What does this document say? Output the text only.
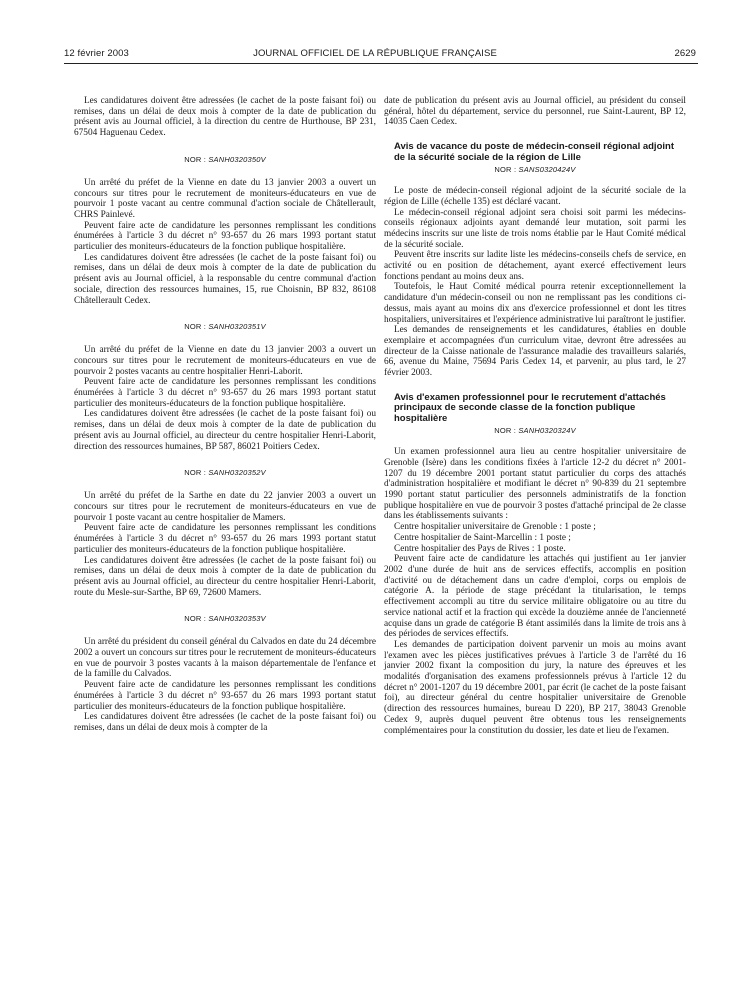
12 février 2003	JOURNAL OFFICIEL DE LA RÉPUBLIQUE FRANÇAISE	2629

Les candidatures doivent être adressées (le cachet de la poste faisant foi) ou remises, dans un délai de deux mois à compter de la date de publication du présent avis au Journal officiel, à la direction du centre de Hurthouse, BP 231, 67504 Haguenau Cedex.

NOR : SANH0320350V

Un arrêté du préfet de la Vienne en date du 13 janvier 2003 a ouvert un concours sur titres pour le recrutement de moniteurs-éducateurs en vue de pourvoir 1 poste vacant au centre communal d'action sociale de Châtellerault, CHRS Painlevé.

Peuvent faire acte de candidature les personnes remplissant les conditions énumérées à l'article 3 du décret n° 93-657 du 26 mars 1993 portant statut particulier des moniteurs-éducateurs de la fonction publique hospitalière.

Les candidatures doivent être adressées (le cachet de la poste faisant foi) ou remises, dans un délai de deux mois à compter de la date de publication du présent avis au Journal officiel, à la responsable du centre communal d'action sociale, direction des ressources humaines, 15, rue Choisnin, BP 832, 86108 Châtellerault Cedex.

NOR : SANH0320351V

Un arrêté du préfet de la Vienne en date du 13 janvier 2003 a ouvert un concours sur titres pour le recrutement de moniteurs-éducateurs en vue de pourvoir 2 postes vacants au centre hospitalier Henri-Laborit.

Peuvent faire acte de candidature les personnes remplissant les conditions énumérées à l'article 3 du décret n° 93-657 du 26 mars 1993 portant statut particulier des moniteurs-éducateurs de la fonction publique hospitalière.

Les candidatures doivent être adressées (le cachet de la poste faisant foi) ou remises, dans un délai de deux mois à compter de la date de publication du présent avis au Journal officiel, au directeur du centre hospitalier Henri-Laborit, direction des ressources humaines, BP 587, 86021 Poitiers Cedex.

NOR : SANH0320352V

Un arrêté du préfet de la Sarthe en date du 22 janvier 2003 a ouvert un concours sur titres pour le recrutement de moniteurs-éducateurs en vue de pourvoir 1 poste vacant au centre hospitalier de Mamers.

Peuvent faire acte de candidature les personnes remplissant les conditions énumérées à l'article 3 du décret n° 93-657 du 26 mars 1993 portant statut particulier des moniteurs-éducateurs de la fonction publique hospitalière.

Les candidatures doivent être adressées (le cachet de la poste faisant foi) ou remises, dans un délai de deux mois à compter de la date de publication du présent avis au Journal officiel, au directeur du centre hospitalier Henri-Laborit, route du Mesle-sur-Sarthe, BP 69, 72600 Mamers.

NOR : SANH0320353V

Un arrêté du président du conseil général du Calvados en date du 24 décembre 2002 a ouvert un concours sur titres pour le recrutement de moniteurs-éducateurs en vue de pourvoir 3 postes vacants à la maison départementale de l'enfance et de la famille du Calvados.

Peuvent faire acte de candidature les personnes remplissant les conditions énumérées à l'article 3 du décret n° 93-657 du 26 mars 1993 portant statut particulier des moniteurs-éducateurs de la fonction publique hospitalière.

Les candidatures doivent être adressées (le cachet de la poste faisant foi) ou remises, dans un délai de deux mois à compter de la

date de publication du présent avis au Journal officiel, au président du conseil général, hôtel du département, service du personnel, rue Saint-Laurent, BP 12, 14035 Caen Cedex.

Avis de vacance du poste de médecin-conseil régional adjoint de la sécurité sociale de la région de Lille

NOR : SANS0320424V

Le poste de médecin-conseil régional adjoint de la sécurité sociale de la région de Lille (échelle 135) est déclaré vacant.

Le médecin-conseil régional adjoint sera choisi soit parmi les médecins-conseils régionaux adjoints ayant demandé leur mutation, soit parmi les médecins inscrits sur une liste de trois noms établie par le Haut Comité médical de la sécurité sociale.

Peuvent être inscrits sur ladite liste les médecins-conseils chefs de service, en activité ou en position de détachement, ayant exercé effectivement leurs fonctions pendant au moins deux ans.

Toutefois, le Haut Comité médical pourra retenir exceptionnellement la candidature d'un médecin-conseil ou non ne remplissant pas les conditions ci-dessus, mais ayant au moins dix ans d'exercice professionnel et dont les titres hospitaliers, universitaires et l'expérience administrative lui paraîtront le justifier.

Les demandes de renseignements et les candidatures, établies en double exemplaire et accompagnées d'un curriculum vitae, devront être adressées au directeur de la Caisse nationale de l'assurance maladie des travailleurs salariés, 66, avenue du Maine, 75694 Paris Cedex 14, et parvenir, au plus tard, le 27 février 2003.

Avis d'examen professionnel pour le recrutement d'attachés principaux de seconde classe de la fonction publique hospitalière

NOR : SANH0320324V

Un examen professionnel aura lieu au centre hospitalier universitaire de Grenoble (Isère) dans les conditions fixées à l'article 12-2 du décret n° 2001-1207 du 19 décembre 2001 portant statut particulier du corps des attachés d'administration hospitalière et modifiant le décret n° 90-839 du 21 septembre 1990 portant statut particulier des personnels administratifs de la fonction publique hospitalière en vue de pourvoir 3 postes d'attaché principal de 2e classe dans les établissements suivants :

Centre hospitalier universitaire de Grenoble : 1 poste ;

Centre hospitalier de Saint-Marcellin : 1 poste ;

Centre hospitalier des Pays de Rives : 1 poste.

Peuvent faire acte de candidature les attachés qui justifient au 1er janvier 2002 d'une durée de huit ans de services effectifs, accomplis en position d'activité ou de détachement dans un cadre d'emploi, corps ou emplois de catégorie A. la période de stage précédant la titularisation, le temps effectivement accompli au titre du service militaire obligatoire ou au titre du service national actif et la fraction qui excède la douzième année de l'ancienneté acquise dans un grade de catégorie B étant assimilés dans la limite de trois ans à des périodes de services effectifs.

Les demandes de participation doivent parvenir un mois au moins avant l'examen avec les pièces justificatives prévues à l'article 3 de l'arrêté du 16 janvier 2002 fixant la composition du jury, la nature des épreuves et les modalités d'organisation des examens professionnels prévus à l'article 12 du décret n° 2001-1207 du 19 décembre 2001, par écrit (le cachet de la poste faisant foi), au directeur général du centre hospitalier universitaire de Grenoble (direction des ressources humaines, bureau D 220), BP 217, 38043 Grenoble Cedex 9, auprès duquel peuvent être obtenus tous les renseignements complémentaires pour la constitution du dossier, les date et lieu de l'examen.
